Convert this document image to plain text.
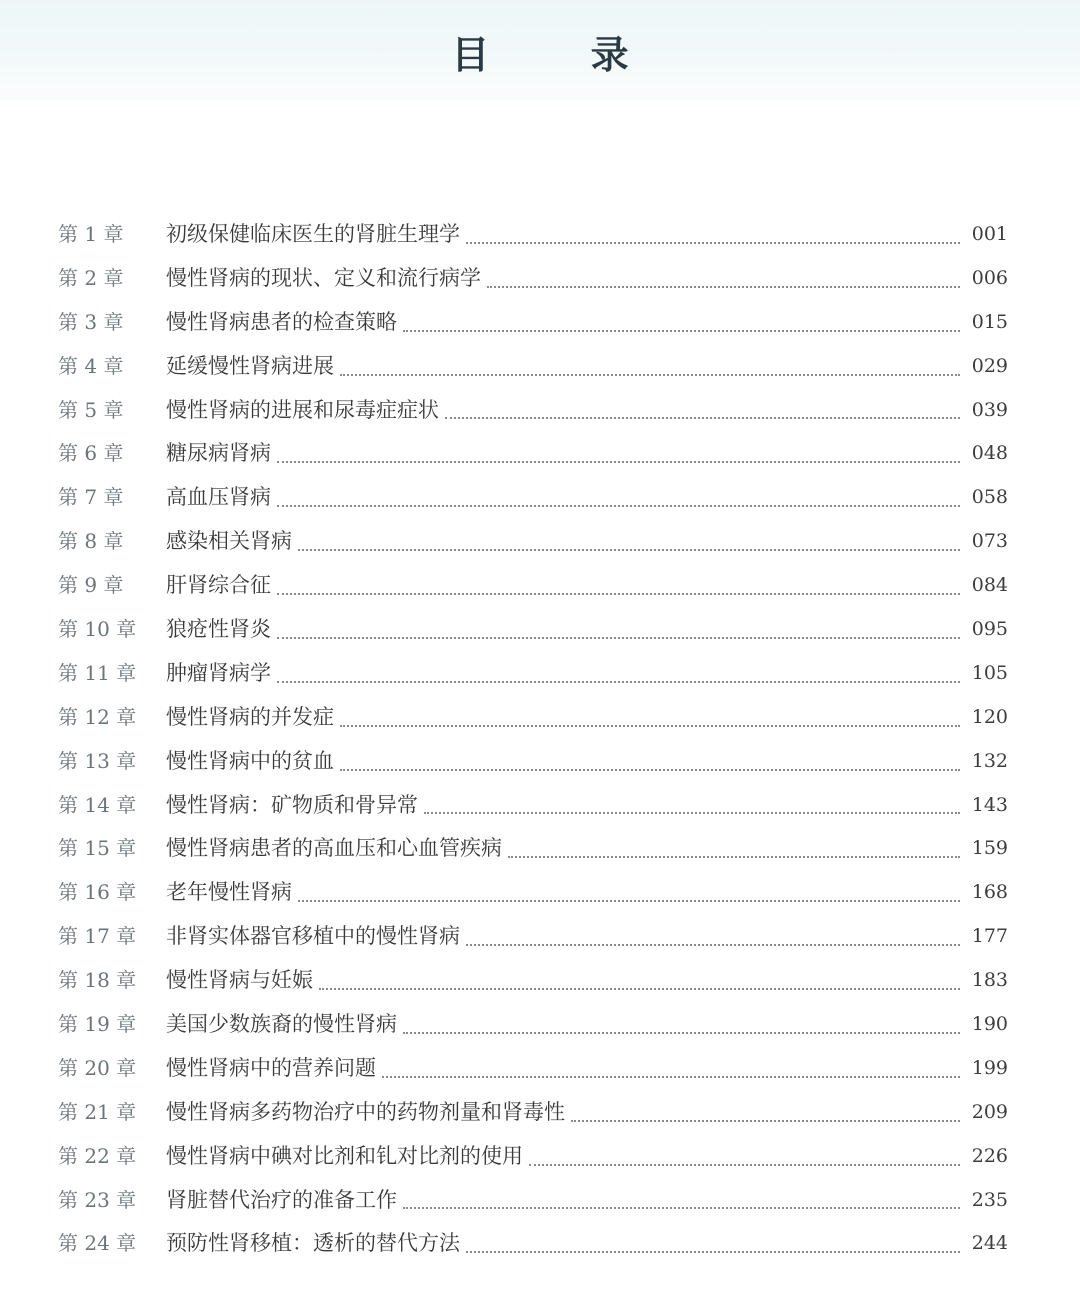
目 录
第 1 章	初级保健临床医生的肾脏生理学	001
第 2 章	慢性肾病的现状、定义和流行病学	006
第 3 章	慢性肾病患者的检查策略	015
第 4 章	延缓慢性肾病进展	029
第 5 章	慢性肾病的进展和尿毒症症状	039
第 6 章	糖尿病肾病	048
第 7 章	高血压肾病	058
第 8 章	感染相关肾病	073
第 9 章	肝肾综合征	084
第 10 章	狼疮性肾炎	095
第 11 章	肿瘤肾病学	105
第 12 章	慢性肾病的并发症	120
第 13 章	慢性肾病中的贫血	132
第 14 章	慢性肾病：矿物质和骨异常	143
第 15 章	慢性肾病患者的高血压和心血管疾病	159
第 16 章	老年慢性肾病	168
第 17 章	非肾实体器官移植中的慢性肾病	177
第 18 章	慢性肾病与妊娠	183
第 19 章	美国少数族裔的慢性肾病	190
第 20 章	慢性肾病中的营养问题	199
第 21 章	慢性肾病多药物治疗中的药物剂量和肾毒性	209
第 22 章	慢性肾病中碘对比剂和钆对比剂的使用	226
第 23 章	肾脏替代治疗的准备工作	235
第 24 章	预防性肾移植：透析的替代方法	244
